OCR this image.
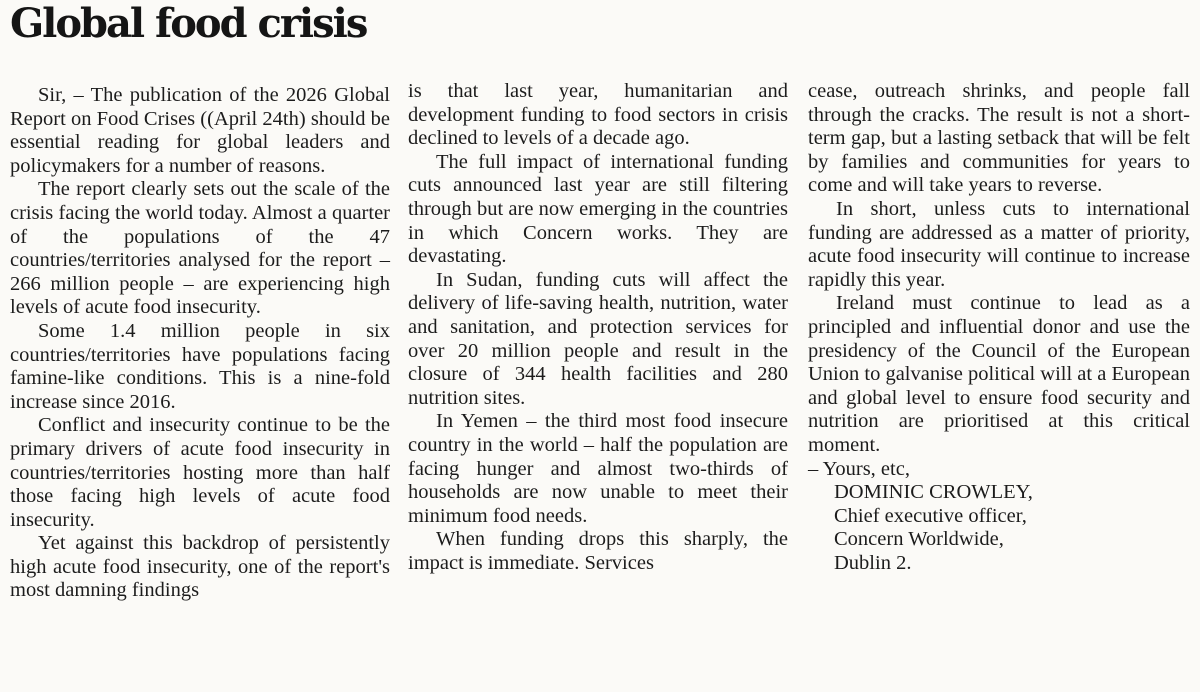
Global food crisis

Sir, – The publication of the 2026 Global Report on Food Crises ((April 24th) should be essential reading for global leaders and policymakers for a number of reasons.

The report clearly sets out the scale of the crisis facing the world today. Almost a quarter of the populations of the 47 countries/territories analysed for the report – 266 million people – are experiencing high levels of acute food insecurity.

Some 1.4 million people in six countries/territories have populations facing famine-like conditions. This is a nine-fold increase since 2016.

Conflict and insecurity continue to be the primary drivers of acute food insecurity in countries/territories hosting more than half those facing high levels of acute food insecurity.

Yet against this backdrop of persistently high acute food insecurity, one of the report's most damning findings

is that last year, humanitarian and development funding to food sectors in crisis declined to levels of a decade ago.

The full impact of international funding cuts announced last year are still filtering through but are now emerging in the countries in which Concern works. They are devastating.

In Sudan, funding cuts will affect the delivery of life-saving health, nutrition, water and sanitation, and protection services for over 20 million people and result in the closure of 344 health facilities and 280 nutrition sites.

In Yemen – the third most food insecure country in the world – half the population are facing hunger and almost two-thirds of households are now unable to meet their minimum food needs.

When funding drops this sharply, the impact is immediate. Services

cease, outreach shrinks, and people fall through the cracks. The result is not a short-term gap, but a lasting setback that will be felt by families and communities for years to come and will take years to reverse.

In short, unless cuts to international funding are addressed as a matter of priority, acute food insecurity will continue to increase rapidly this year.

Ireland must continue to lead as a principled and influential donor and use the presidency of the Council of the European Union to galvanise political will at a European and global level to ensure food security and nutrition are prioritised at this critical moment.

– Yours, etc,

DOMINIC CROWLEY,
Chief executive officer,
Concern Worldwide,
Dublin 2.
